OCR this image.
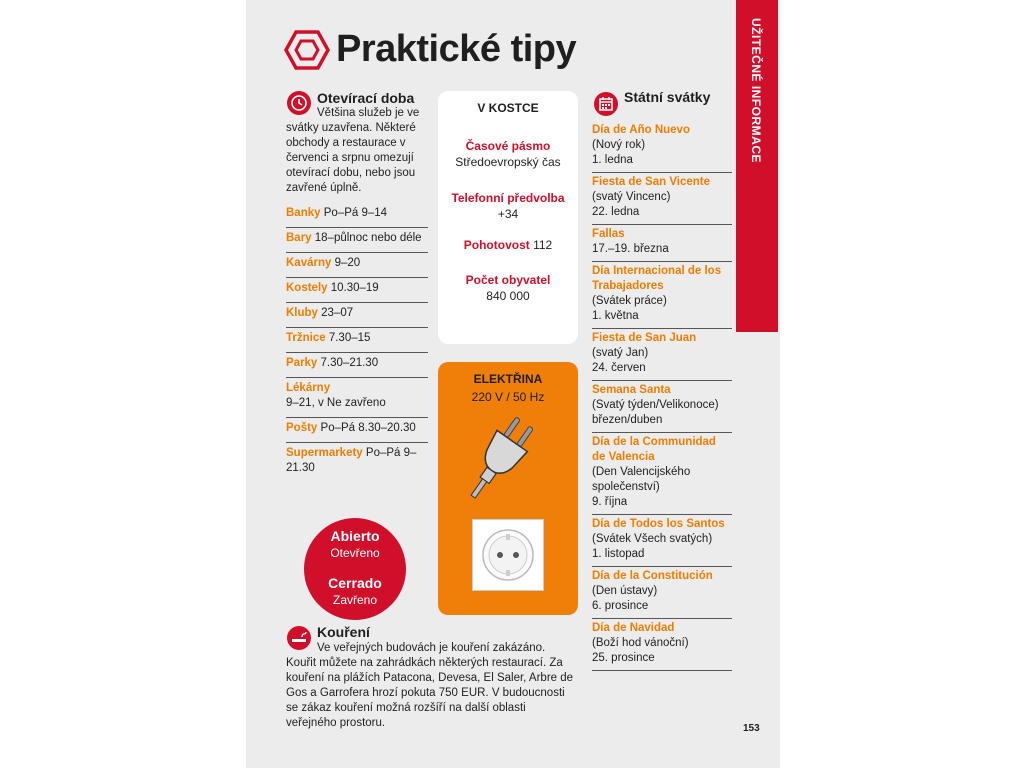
UŽITEČNÉ INFORMACE
PRAKTICKÉ TIPY
Praktické tipy
Otevírací doba
Většina služeb je ve svátky uzavřena. Některé obchody a restaurace v červenci a srpnu omezují otevírací dobu, nebo jsou zavřené úplně.
Banky Po–Pá 9–14
Bary 18–půlnoc nebo déle
Kavárny 9–20
Kostely 10.30–19
Kluby 23–07
Tržnice 7.30–15
Parky 7.30–21.30
Lékárny
9–21, v Ne zavřeno
Pošty Po–Pá 8.30–20.30
Supermarkety Po–Pá 9–21.30
V KOSTCE
Časové pásmo
Středoevropský čas
Telefonní předvolba
+34
Pohotovost 112
Počet obyvatel
840 000
ELEKTŘINA
220 V / 50 Hz
Abierto
Otevřeno
Cerrado
Zavřeno
Kouření
Ve veřejných budovách je kouření zakázáno. Kouřit můžete na zahrádkách některých restaurací. Za kouření na plážích Patacona, Devesa, El Saler, Arbre de Gos a Garrofera hrozí pokuta 750 EUR. V budoucnosti se zákaz kouření možná rozšíří na další oblasti veřejného prostoru.
Státní svátky
Día de Año Nuevo
(Nový rok)
1. ledna
Fiesta de San Vicente
(svatý Vincenc)
22. ledna
Fallas
17.–19. března
Día Internacional de los Trabajadores
(Svátek práce)
1. května
Fiesta de San Juan
(svatý Jan)
24. červen
Semana Santa
(Svatý týden/Velikonoce)
březen/duben
Día de la Communidad de Valencia
(Den Valencijského společenství)
9. října
Día de Todos los Santos
(Svátek Všech svatých)
1. listopad
Día de la Constitución
(Den ústavy)
6. prosince
Día de Navidad
(Boží hod vánoční)
25. prosince
153
